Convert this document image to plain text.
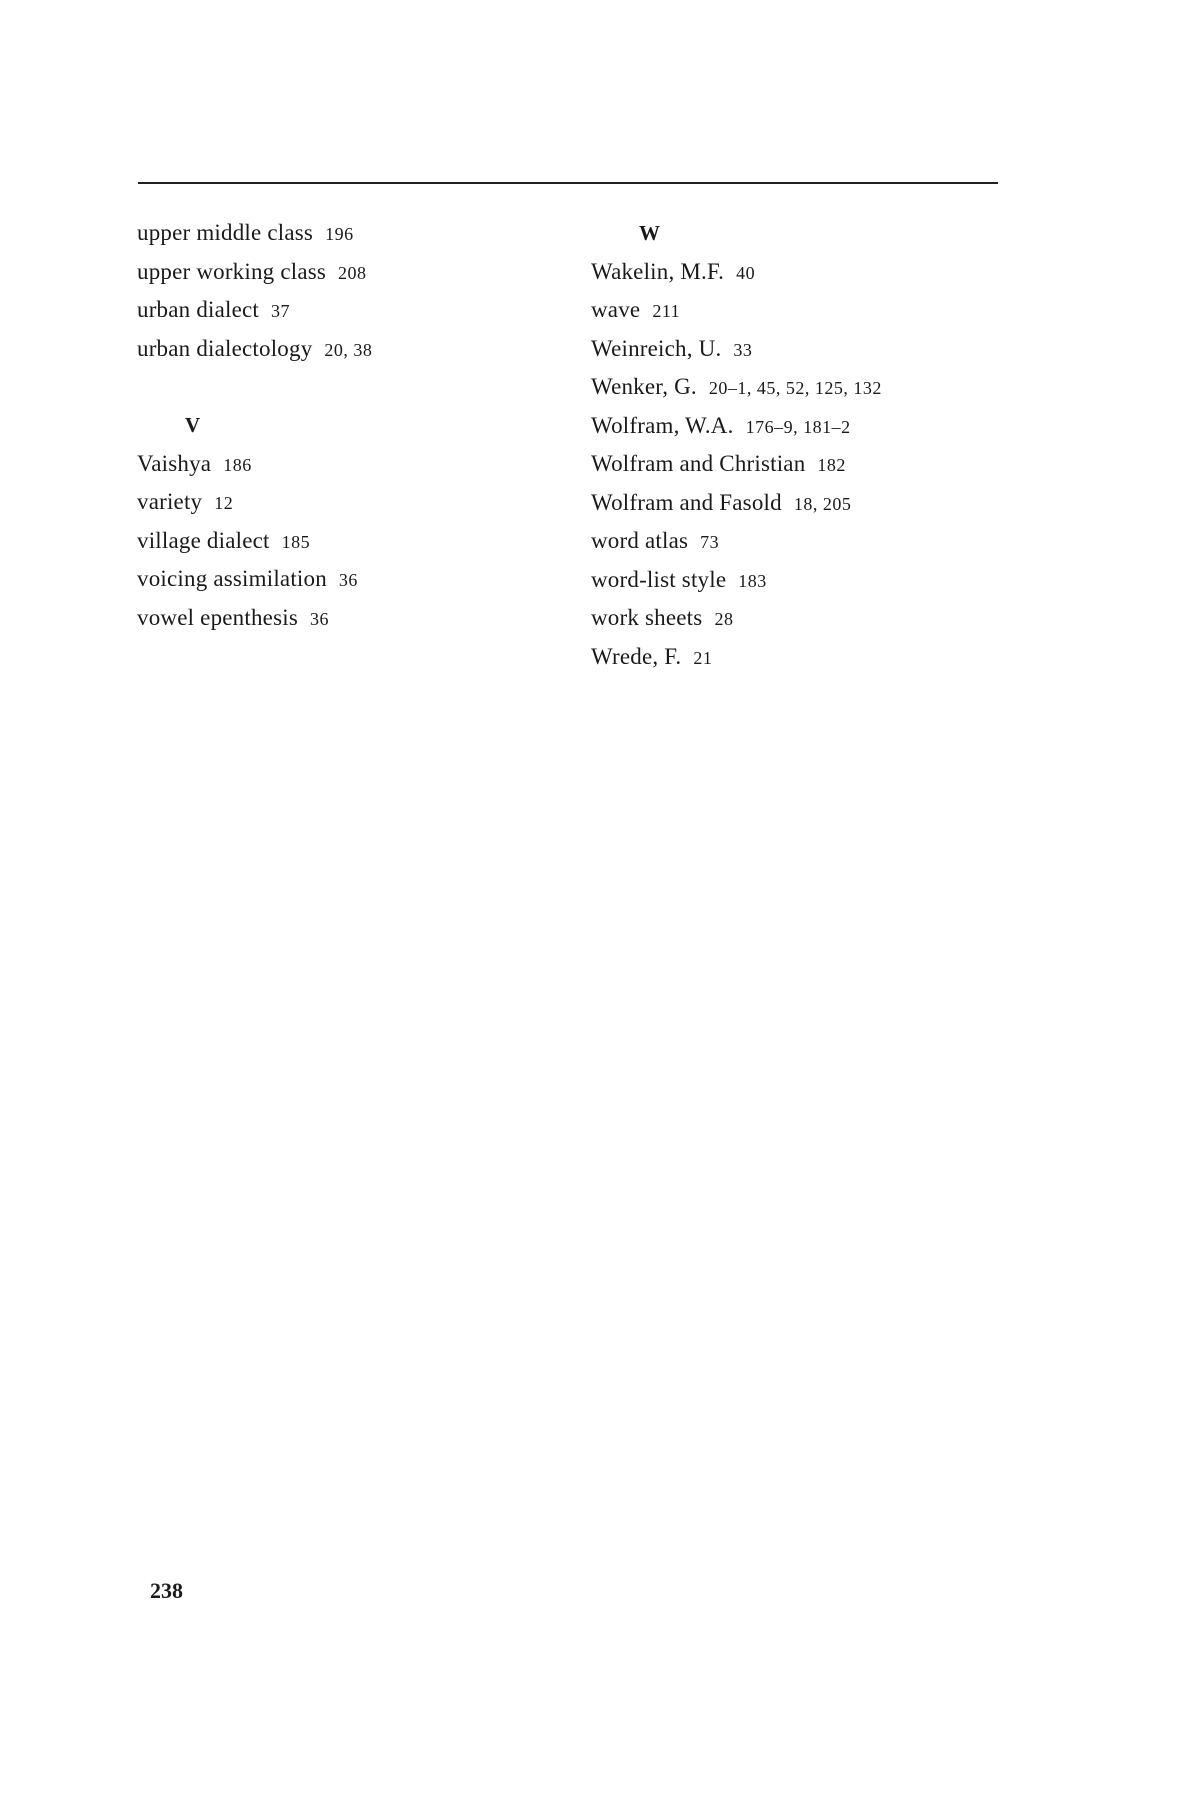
upper middle class 196
upper working class 208
urban dialect 37
urban dialectology 20, 38
V
Vaishya 186
variety 12
village dialect 185
voicing assimilation 36
vowel epenthesis 36
W
Wakelin, M.F. 40
wave 211
Weinreich, U. 33
Wenker, G. 20–1, 45, 52, 125, 132
Wolfram, W.A. 176–9, 181–2
Wolfram and Christian 182
Wolfram and Fasold 18, 205
word atlas 73
word-list style 183
work sheets 28
Wrede, F. 21
238
